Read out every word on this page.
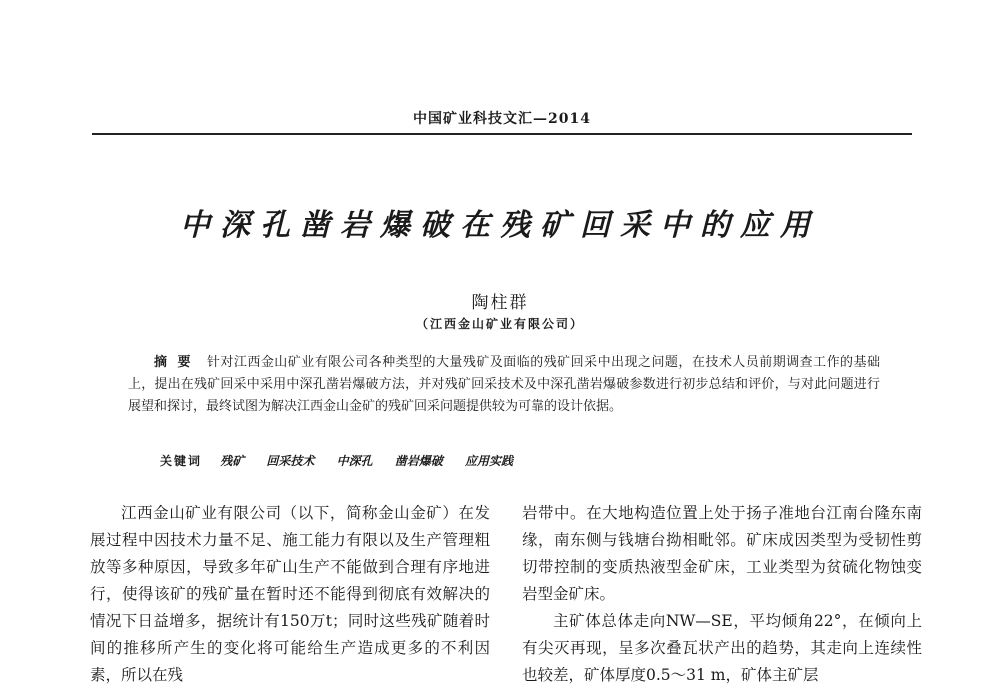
中国矿业科技文汇—2014
中深孔凿岩爆破在残矿回采中的应用
陶柱群
（江西金山矿业有限公司）
摘要 针对江西金山矿业有限公司各种类型的大量残矿及面临的残矿回采中出现之问题，在技术人员前期调查工作的基础上，提出在残矿回采中采用中深孔凿岩爆破方法，并对残矿回采技术及中深孔凿岩爆破参数进行初步总结和评价，与对此问题进行展望和探讨，最终试图为解决江西金山金矿的残矿回采问题提供较为可靠的设计依据。
关键词 残矿 回采技术 中深孔 凿岩爆破 应用实践

江西金山矿业有限公司（以下，简称金山金矿）在发展过程中因技术力量不足、施工能力有限以及生产管理粗放等多种原因，导致多年矿山生产不能做到合理有序地进行，使得该矿的残矿量在暂时还不能得到彻底有效解决的情况下日益增多，据统计有150万t；同时这些残矿随着时间的推移所产生的变化将可能给生产造成更多的不利因素，所以在残

岩带中。在大地构造位置上处于扬子准地台江南台隆东南缘，南东侧与钱塘台拗相毗邻。矿床成因类型为受韧性剪切带控制的变质热液型金矿床，工业类型为贫硫化物蚀变岩型金矿床。

主矿体总体走向NW—SE，平均倾角22°，在倾向上有尖灭再现，呈多次叠瓦状产出的趋势，其走向上连续性也较差，矿体厚度0.5～31 m，矿体主矿层
